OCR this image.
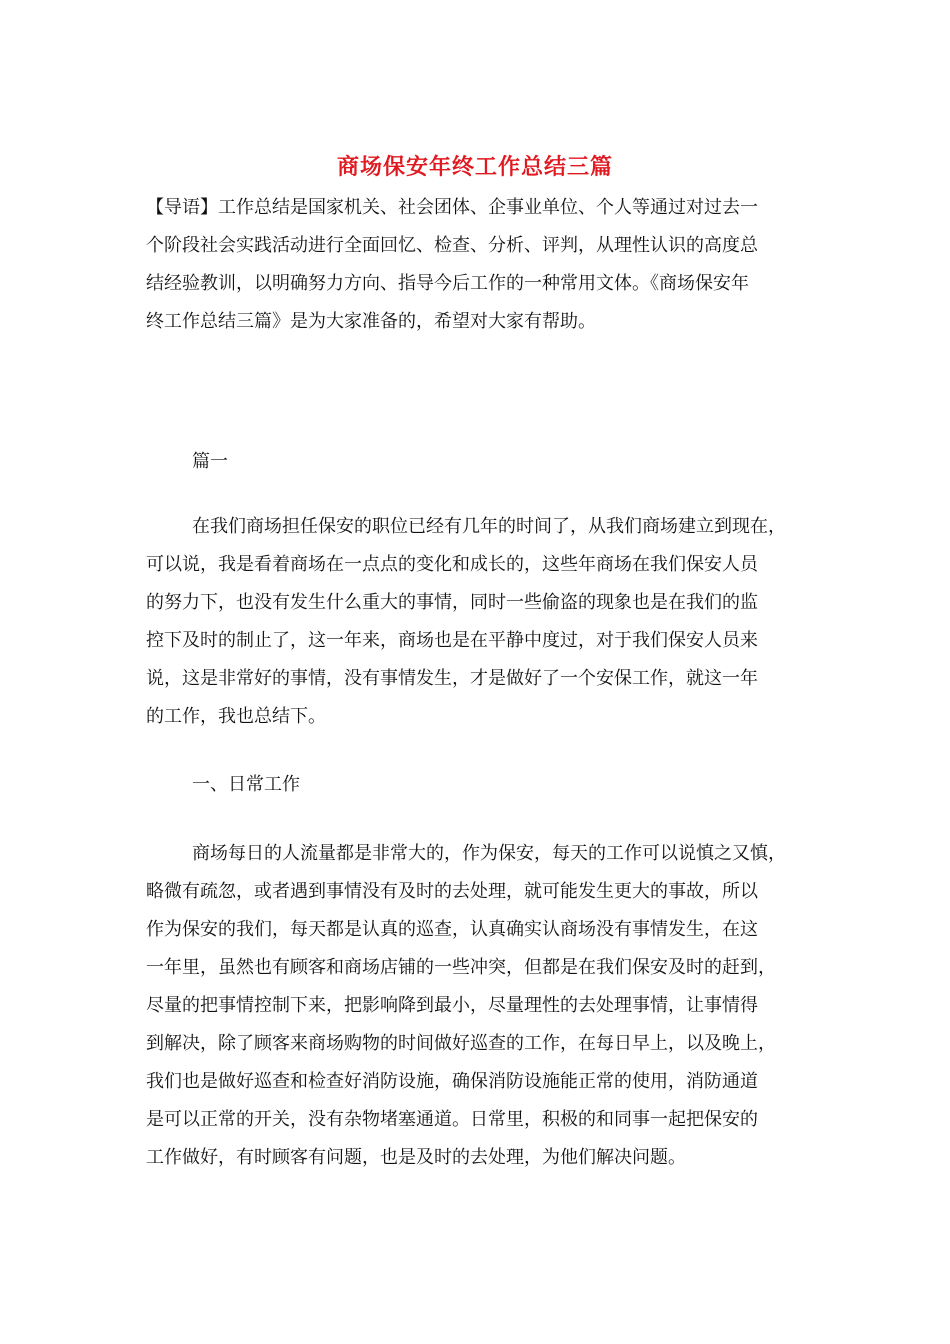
商场保安年终工作总结三篇
【导语】工作总结是国家机关、社会团体、企事业单位、个人等通过对过去一
个阶段社会实践活动进行全面回忆、检查、分析、评判，从理性认识的高度总
结经验教训，以明确努力方向、指导今后工作的一种常用文体。《商场保安年
终工作总结三篇》是为大家准备的，希望对大家有帮助。
篇一
在我们商场担任保安的职位已经有几年的时间了，从我们商场建立到现在，
可以说，我是看着商场在一点点的变化和成长的，这些年商场在我们保安人员
的努力下，也没有发生什么重大的事情，同时一些偷盗的现象也是在我们的监
控下及时的制止了，这一年来，商场也是在平静中度过，对于我们保安人员来
说，这是非常好的事情，没有事情发生，才是做好了一个安保工作，就这一年
的工作，我也总结下。
一、日常工作
商场每日的人流量都是非常大的，作为保安，每天的工作可以说慎之又慎，
略微有疏忽，或者遇到事情没有及时的去处理，就可能发生更大的事故，所以
作为保安的我们，每天都是认真的巡查，认真确实认商场没有事情发生，在这
一年里，虽然也有顾客和商场店铺的一些冲突，但都是在我们保安及时的赶到，
尽量的把事情控制下来，把影响降到最小，尽量理性的去处理事情，让事情得
到解决，除了顾客来商场购物的时间做好巡查的工作，在每日早上，以及晚上，
我们也是做好巡查和检查好消防设施，确保消防设施能正常的使用，消防通道
是可以正常的开关，没有杂物堵塞通道。日常里，积极的和同事一起把保安的
工作做好，有时顾客有问题，也是及时的去处理，为他们解决问题。
